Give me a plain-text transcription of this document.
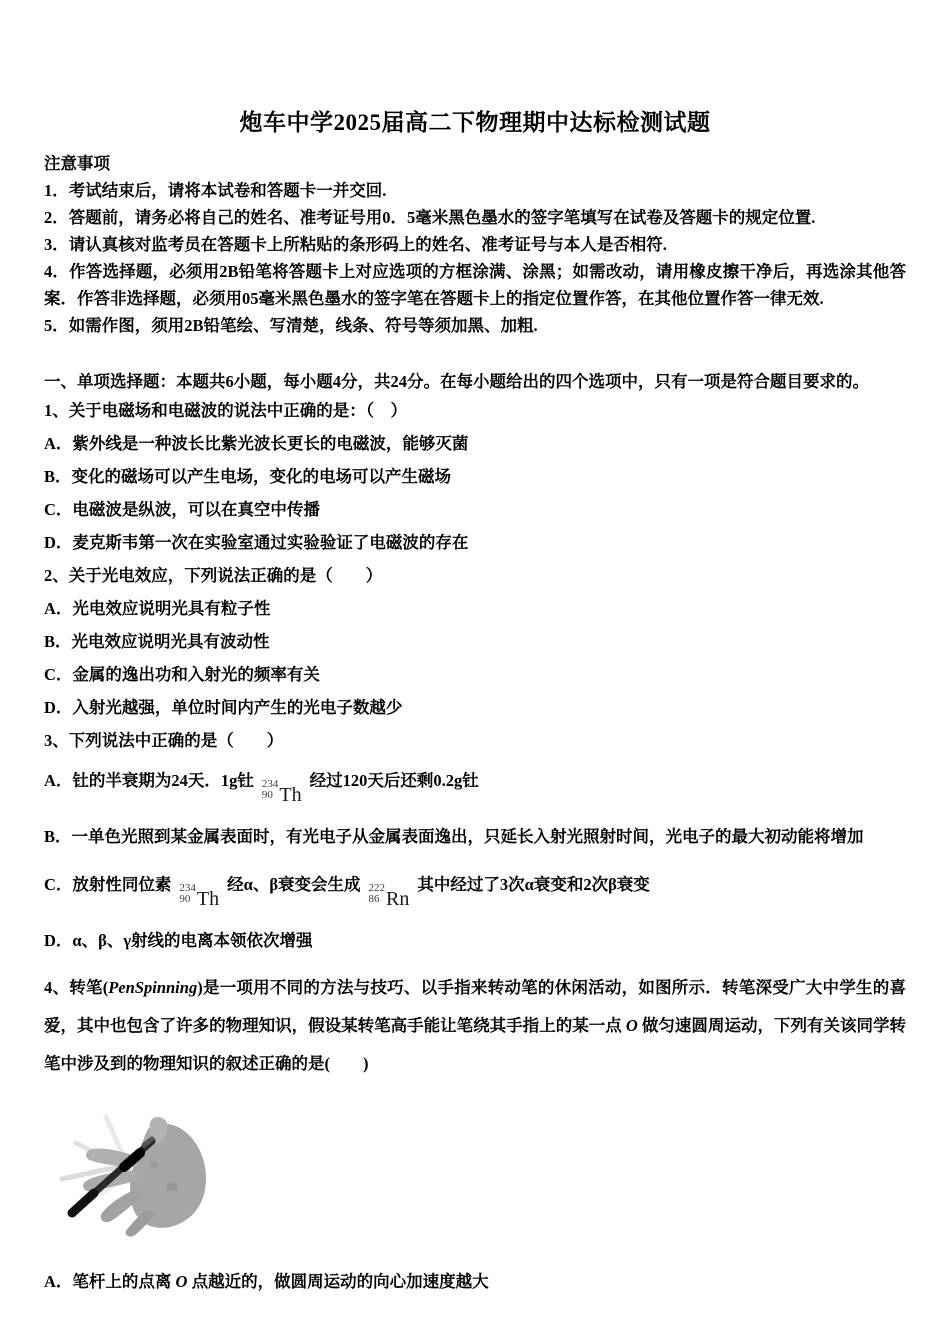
炮车中学2025届高二下物理期中达标检测试题
注意事项
1．考试结束后，请将本试卷和答题卡一并交回.
2．答题前，请务必将自己的姓名、准考证号用0．5毫米黑色墨水的签字笔填写在试卷及答题卡的规定位置.
3．请认真核对监考员在答题卡上所粘贴的条形码上的姓名、准考证号与本人是否相符.
4．作答选择题，必须用2B铅笔将答题卡上对应选项的方框涂满、涂黑；如需改动，请用橡皮擦干净后，再选涂其他答案．作答非选择题，必须用05毫米黑色墨水的签字笔在答题卡上的指定位置作答，在其他位置作答一律无效.
5．如需作图，须用2B铅笔绘、写清楚，线条、符号等须加黑、加粗.
一、单项选择题：本题共6小题，每小题4分，共24分。在每小题给出的四个选项中，只有一项是符合题目要求的。
1、关于电磁场和电磁波的说法中正确的是：（　）
A．紫外线是一种波长比紫光波长更长的电磁波，能够灭菌
B．变化的磁场可以产生电场，变化的电场可以产生磁场
C．电磁波是纵波，可以在真空中传播
D．麦克斯韦第一次在实验室通过实验验证了电磁波的存在
2、关于光电效应，下列说法正确的是（　　）
A．光电效应说明光具有粒子性
B．光电效应说明光具有波动性
C．金属的逸出功和入射光的频率有关
D．入射光越强，单位时间内产生的光电子数越少
3、下列说法中正确的是（　　）
A．钍的半衰期为24天．1g钍 234
90 Th
经过120天后还剩0.2g钍
B．一单色光照到某金属表面时，有光电子从金属表面逸出，只延长入射光照射时间，光电子的最大初动能将增加
C．放射性同位素 234
90 Th
经α、β衰变会生成 222
86 Rn
其中经过了3次α衰变和2次β衰变
D．α、β、γ射线的电离本领依次增强
4、转笔(PenSpinning)是一项用不同的方法与技巧、以手指来转动笔的休闲活动，如图所示．转笔深受广大中学生的喜爱，其中也包含了许多的物理知识，假设某转笔高手能让笔绕其手指上的某一点 O 做匀速圆周运动，下列有关该同学转笔中涉及到的物理知识的叙述正确的是(　　)
A．笔杆上的点离 O 点越近的，做圆周运动的向心加速度越大
